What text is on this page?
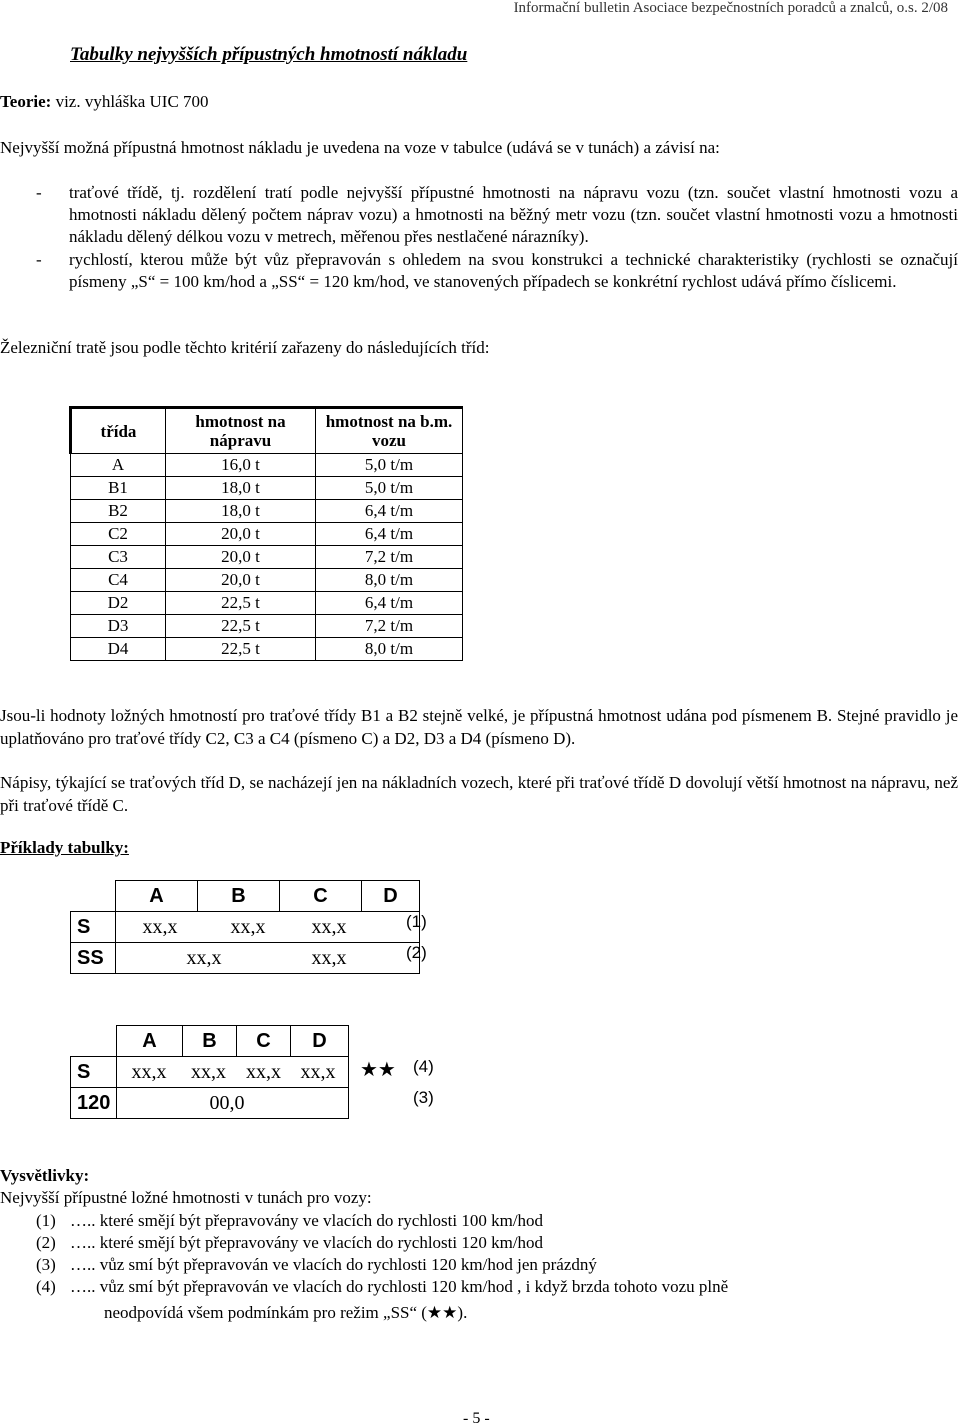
Informační bulletin Asociace bezpečnostních poradců a znalců, o.s. 2/08
Tabulky nejvyšších přípustných hmotností nákladu
Teorie: viz. vyhláška UIC 700
Nejvyšší možná přípustná hmotnost nákladu je uvedena na voze v tabulce (udává se v tunách) a závisí na:
- traťové třídě, tj. rozdělení tratí podle nejvyšší přípustné hmotnosti na nápravu vozu (tzn. součet vlastní hmotnosti vozu a hmotnosti nákladu dělený počtem náprav vozu) a hmotnosti na běžný metr vozu (tzn. součet vlastní hmotnosti vozu a hmotnosti nákladu dělený délkou vozu v metrech, měřenou přes nestlačené nárazníky).
- rychlostí, kterou může být vůz přepravován s ohledem na svou konstrukci a technické charakteristiky (rychlosti se označují písmeny „S“ = 100 km/hod a „SS“ = 120 km/hod, ve stanovených případech se konkrétní rychlost udává přímo číslicemi.
Železniční tratě jsou podle těchto kritérií zařazeny do následujících tříd:
třída	hmotnost na nápravu	hmotnost na b.m. vozu
A	16,0 t	5,0 t/m
B1	18,0 t	5,0 t/m
B2	18,0 t	6,4 t/m
C2	20,0 t	6,4 t/m
C3	20,0 t	7,2 t/m
C4	20,0 t	8,0 t/m
D2	22,5 t	6,4 t/m
D3	22,5 t	7,2 t/m
D4	22,5 t	8,0 t/m
Jsou-li hodnoty ložných hmotností pro traťové třídy B1 a B2 stejně velké, je přípustná hmotnost udána pod písmenem B. Stejné pravidlo je uplatňováno pro traťové třídy C2, C3 a C4 (písmeno C) a D2, D3 a D4 (písmeno D).
Nápisy, týkající se traťových tříd D, se nacházejí jen na nákladních vozech, které při traťové třídě D dovolují větší hmotnost na nápravu, než při traťové třídě C.
Příklady tabulky:
	A	B	C	D
S	xx,x xx,x xx,x			
SS	xx,x xx,x			
(1)
(2)
	A	B	C	D
S	xx,x xx,x xx,x xx,x			
120	00,0			
★★ (4)
(3)
Vysvětlivky:
Nejvyšší přípustné ložné hmotnosti v tunách pro vozy:
(1) ….. které smějí být přepravovány ve vlacích do rychlosti 100 km/hod
(2) ….. které smějí být přepravovány ve vlacích do rychlosti 120 km/hod
(3) ….. vůz smí být přepravován ve vlacích do rychlosti 120 km/hod jen prázdný
(4) ….. vůz smí být přepravován ve vlacích do rychlosti 120 km/hod , i když brzda tohoto vozu plně
neodpovídá všem podmínkám pro režim „SS“ (★★).
- 5 -
